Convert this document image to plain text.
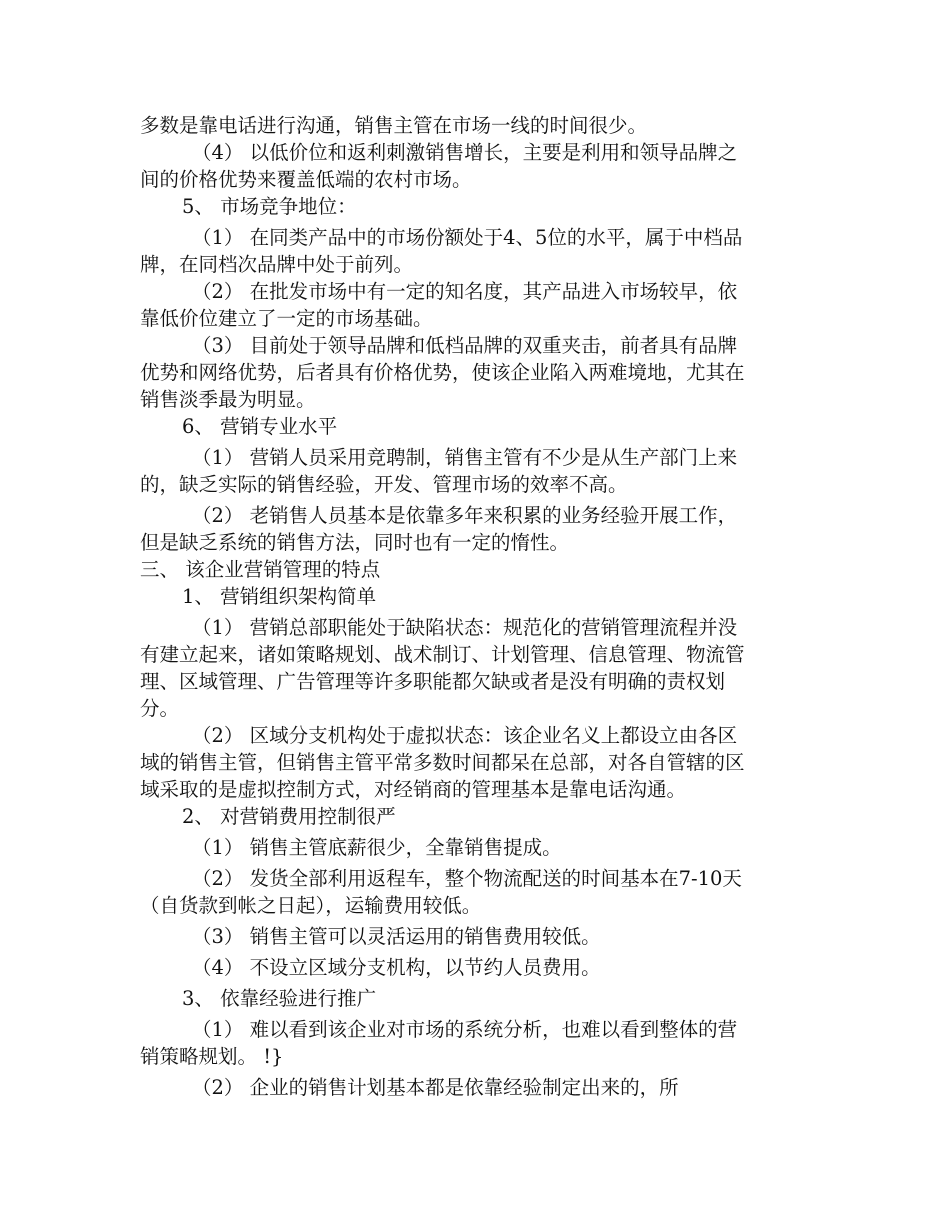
多数是靠电话进行沟通，销售主管在市场一线的时间很少。

（4） 以低价位和返利刺激销售增长，主要是利用和领导品牌之间的价格优势来覆盖低端的农村市场。

5、 市场竞争地位：

（1） 在同类产品中的市场份额处于4、5位的水平，属于中档品牌，在同档次品牌中处于前列。

（2） 在批发市场中有一定的知名度，其产品进入市场较早，依靠低价位建立了一定的市场基础。

（3） 目前处于领导品牌和低档品牌的双重夹击，前者具有品牌优势和网络优势，后者具有价格优势，使该企业陷入两难境地，尤其在销售淡季最为明显。

6、 营销专业水平

（1） 营销人员采用竞聘制，销售主管有不少是从生产部门上来的，缺乏实际的销售经验，开发、管理市场的效率不高。

（2） 老销售人员基本是依靠多年来积累的业务经验开展工作，但是缺乏系统的销售方法，同时也有一定的惰性。

三、 该企业营销管理的特点

1、 营销组织架构简单

（1） 营销总部职能处于缺陷状态：规范化的营销管理流程并没有建立起来，诸如策略规划、战术制订、计划管理、信息管理、物流管理、区域管理、广告管理等许多职能都欠缺或者是没有明确的责权划分。

（2） 区域分支机构处于虚拟状态：该企业名义上都设立由各区域的销售主管，但销售主管平常多数时间都呆在总部，对各自管辖的区域采取的是虚拟控制方式，对经销商的管理基本是靠电话沟通。

2、 对营销费用控制很严

（1） 销售主管底薪很少，全靠销售提成。

（2） 发货全部利用返程车，整个物流配送的时间基本在7-10天（自货款到帐之日起），运输费用较低。

（3） 销售主管可以灵活运用的销售费用较低。

（4） 不设立区域分支机构，以节约人员费用。

3、 依靠经验进行推广

（1） 难以看到该企业对市场的系统分析，也难以看到整体的营销策略规划。 !}

（2） 企业的销售计划基本都是依靠经验制定出来的，所
